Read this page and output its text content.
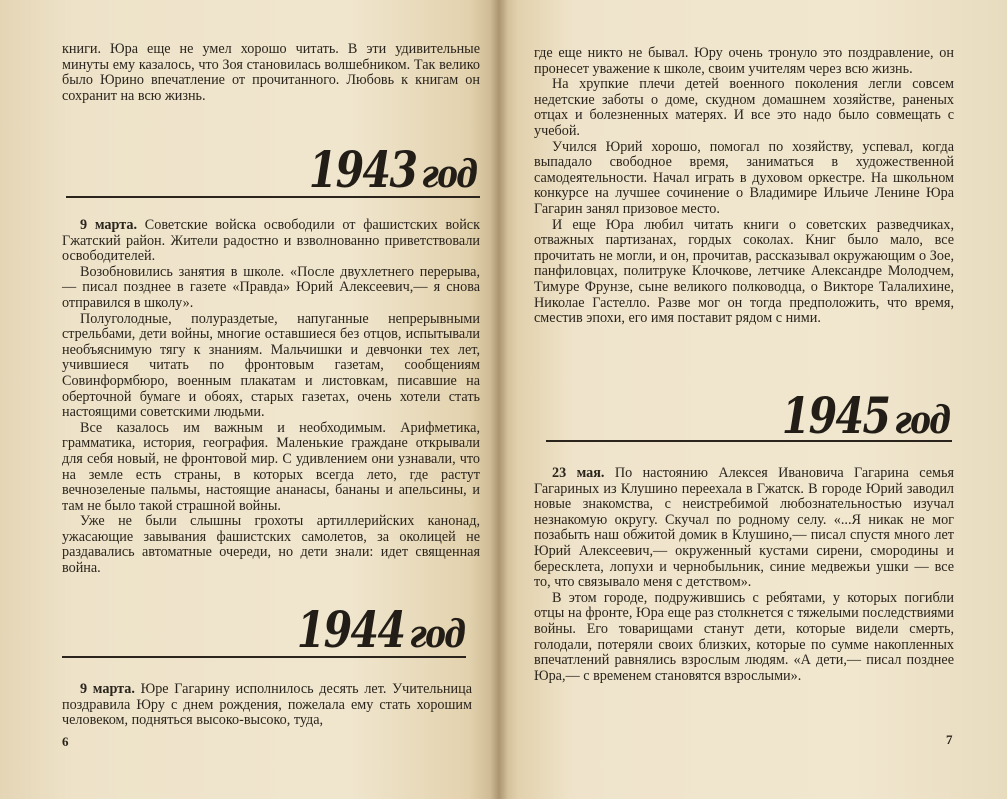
книги. Юра еще не умел хорошо читать. В эти удивительные минуты ему казалось, что Зоя становилась волшебником. Так велико было Юрино впечатление от прочитанного. Любовь к книгам он сохранит на всю жизнь.

1943 год

9 марта. Советские войска освободили от фашистских войск Гжатский район. Жители радостно и взволнованно приветствовали освободителей.

Возобновились занятия в школе. «После двухлетнего перерыва,— писал позднее в газете «Правда» Юрий Алексеевич,— я снова отправился в школу».

Полуголодные, полураздетые, напуганные непрерывными стрельбами, дети войны, многие оставшиеся без отцов, испытывали необъяснимую тягу к знаниям. Мальчишки и девчонки тех лет, учившиеся читать по фронтовым газетам, сообщениям Совинформбюро, военным плакатам и листовкам, писавшие на оберточной бумаге и обоях, старых газетах, очень хотели стать настоящими советскими людьми.

Все казалось им важным и необходимым. Арифметика, грамматика, история, география. Маленькие граждане открывали для себя новый, не фронтовой мир. С удивлением они узнавали, что на земле есть страны, в которых всегда лето, где растут вечнозеленые пальмы, настоящие ананасы, бананы и апельсины, и там не было такой страшной войны.

Уже не были слышны грохоты артиллерийских канонад, ужасающие завывания фашистских самолетов, за околицей не раздавались автоматные очереди, но дети знали: идет священная война.

1944 год

9 марта. Юре Гагарину исполнилось десять лет. Учительница поздравила Юру с днем рождения, пожелала ему стать хорошим человеком, подняться высоко-высоко, туда,

6

где еще никто не бывал. Юру очень тронуло это поздравление, он пронесет уважение к школе, своим учителям через всю жизнь.

На хрупкие плечи детей военного поколения легли совсем недетские заботы о доме, скудном домашнем хозяйстве, раненых отцах и болезненных матерях. И все это надо было совмещать с учебой.

Учился Юрий хорошо, помогал по хозяйству, успевал, когда выпадало свободное время, заниматься в художественной самодеятельности. Начал играть в духовом оркестре. На школьном конкурсе на лучшее сочинение о Владимире Ильиче Ленине Юра Гагарин занял призовое место.

И еще Юра любил читать книги о советских разведчиках, отважных партизанах, гордых соколах. Книг было мало, все прочитать не могли, и он, прочитав, рассказывал окружающим о Зое, панфиловцах, политруке Клочкове, летчике Александре Молодчем, Тимуре Фрунзе, сыне великого полководца, о Викторе Талалихине, Николае Гастелло. Разве мог он тогда предположить, что время, сместив эпохи, его имя поставит рядом с ними.

1945 год

23 мая. По настоянию Алексея Ивановича Гагарина семья Гагариных из Клушино переехала в Гжатск. В городе Юрий заводил новые знакомства, с неистребимой любознательностью изучал незнакомую округу. Скучал по родному селу. «...Я никак не мог позабыть наш обжитой домик в Клушино,— писал спустя много лет Юрий Алексеевич,— окруженный кустами сирени, смородины и бересклета, лопухи и чернобыльник, синие медвежьи ушки — все то, что связывало меня с детством».

В этом городе, подружившись с ребятами, у которых погибли отцы на фронте, Юра еще раз столкнется с тяжелыми последствиями войны. Его товарищами станут дети, которые видели смерть, голодали, потеряли своих близких, которые по сумме накопленных впечатлений равнялись взрослым людям. «А дети,— писал позднее Юра,— с временем становятся взрослыми».

7
